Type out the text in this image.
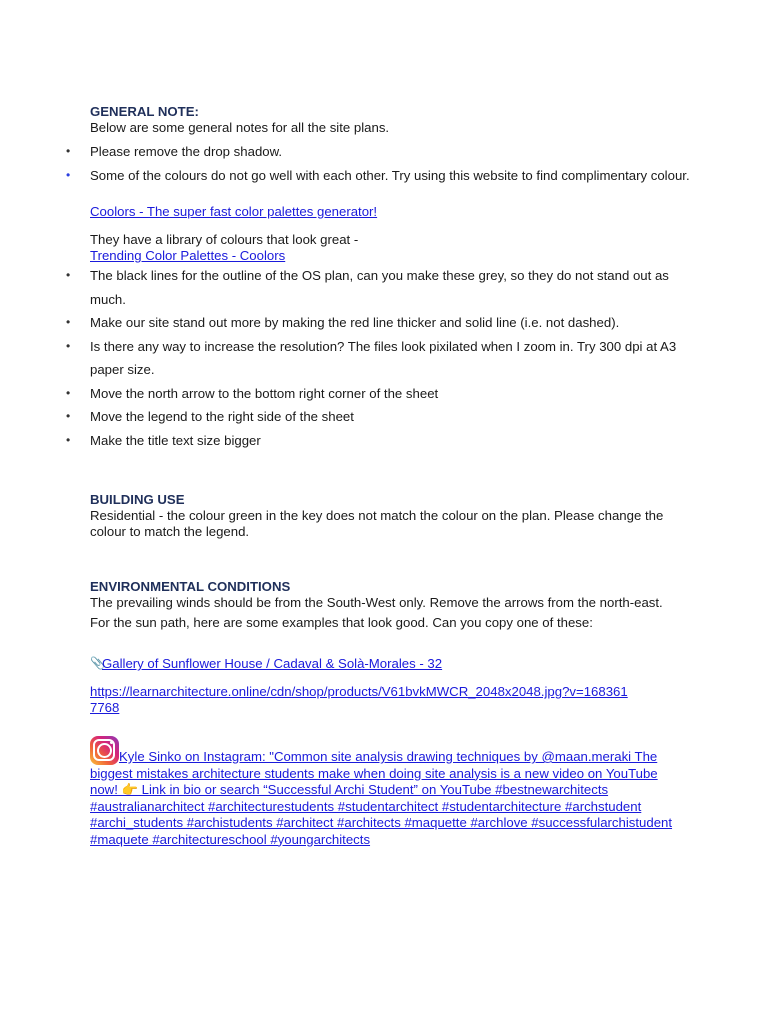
GENERAL NOTE:
Below are some general notes for all the site plans.
• Please remove the drop shadow.
• Some of the colours do not go well with each other. Try using this website to find complimentary colour.
Coolors - The super fast color palettes generator!
They have a library of colours that look great -
Trending Color Palettes - Coolors
• The black lines for the outline of the OS plan, can you make these grey, so they do not stand out as much.
• Make our site stand out more by making the red line thicker and solid line (i.e. not dashed).
• Is there any way to increase the resolution? The files look pixilated when I zoom in. Try 300 dpi at A3 paper size.
• Move the north arrow to the bottom right corner of the sheet
• Move the legend to the right side of the sheet
• Make the title text size bigger
BUILDING USE
Residential - the colour green in the key does not match the colour on the plan. Please change the colour to match the legend.
ENVIRONMENTAL CONDITIONS
The prevailing winds should be from the South-West only. Remove the arrows from the north-east.
For the sun path, here are some examples that look good. Can you copy one of these:
📎Gallery of Sunflower House / Cadaval & Solà-Morales - 32
https://learnarchitecture.online/cdn/shop/products/V61bvkMWCR_2048x2048.jpg?v=1683617768
Kyle Sinko on Instagram: "Common site analysis drawing techniques by @maan.meraki The biggest mistakes architecture students make when doing site analysis is a new video on YouTube now! 👉 Link in bio or search “Successful Archi Student” on YouTube #bestnewarchitects #australianarchitect #architecturestudents #studentarchitect #studentarchitecture #archstudent #archi_students #archistudents #architect #architects #maquette #archlove #successfularchistudent #maquete #architectureschool #youngarchitects
